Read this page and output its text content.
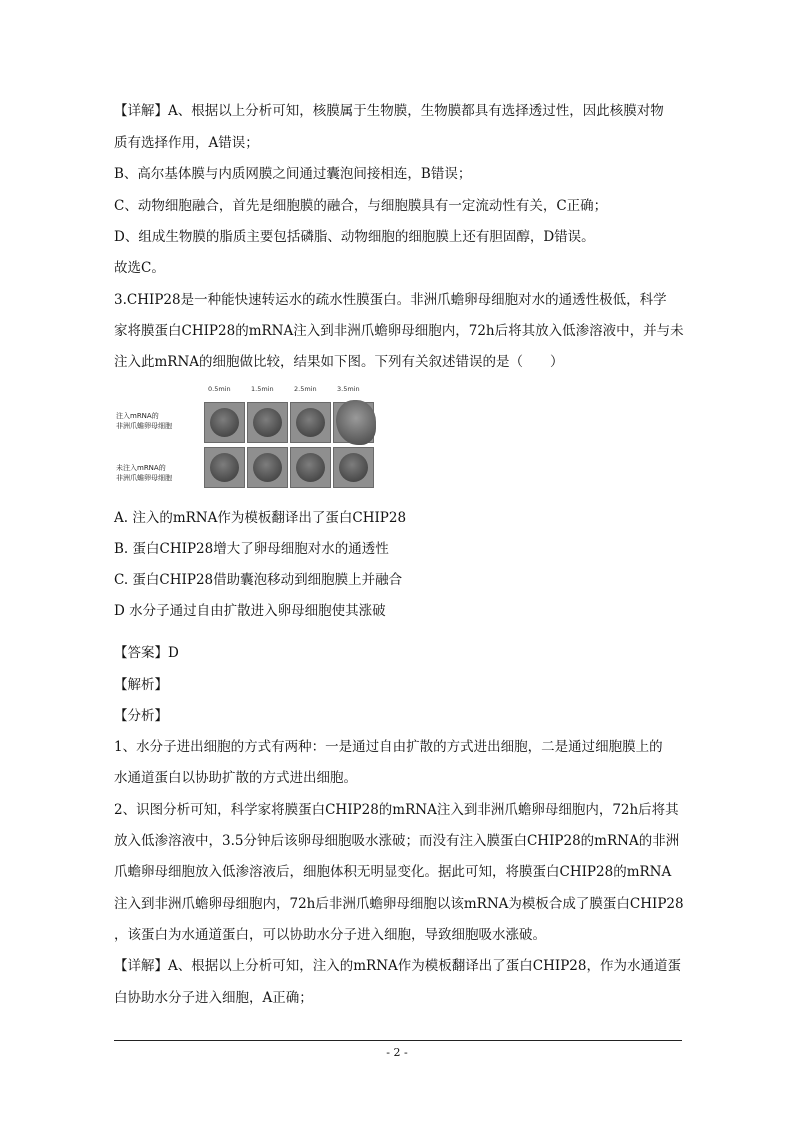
【详解】A、根据以上分析可知，核膜属于生物膜，生物膜都具有选择透过性，因此核膜对物
质有选择作用，A错误；
B、高尔基体膜与内质网膜之间通过囊泡间接相连，B错误；
C、动物细胞融合，首先是细胞膜的融合，与细胞膜具有一定流动性有关，C正确；
D、组成生物膜的脂质主要包括磷脂、动物细胞的细胞膜上还有胆固醇，D错误。
故选C。
3.CHIP28是一种能快速转运水的疏水性膜蛋白。非洲爪蟾卵母细胞对水的通透性极低，科学
家将膜蛋白CHIP28的mRNA注入到非洲爪蟾卵母细胞内，72h后将其放入低渗溶液中，并与未
注入此mRNA的细胞做比较，结果如下图。下列有关叙述错误的是（　　）
0.5min	1.5min	2.5min	3.5min
注入mRNA的
非洲爪蟾卵母细胞
未注入mRNA的
非洲爪蟾卵母细胞
A. 注入的mRNA作为模板翻译出了蛋白CHIP28
B. 蛋白CHIP28增大了卵母细胞对水的通透性
C. 蛋白CHIP28借助囊泡移动到细胞膜上并融合
D 水分子通过自由扩散进入卵母细胞使其涨破
【答案】D
【解析】
【分析】
1、水分子进出细胞的方式有两种：一是通过自由扩散的方式进出细胞，二是通过细胞膜上的
水通道蛋白以协助扩散的方式进出细胞。
2、识图分析可知，科学家将膜蛋白CHIP28的mRNA注入到非洲爪蟾卵母细胞内，72h后将其
放入低渗溶液中，3.5分钟后该卵母细胞吸水涨破；而没有注入膜蛋白CHIP28的mRNA的非洲
爪蟾卵母细胞放入低渗溶液后，细胞体积无明显变化。据此可知，将膜蛋白CHIP28的mRNA
注入到非洲爪蟾卵母细胞内，72h后非洲爪蟾卵母细胞以该mRNA为模板合成了膜蛋白CHIP28
，该蛋白为水通道蛋白，可以协助水分子进入细胞，导致细胞吸水涨破。
【详解】A、根据以上分析可知，注入的mRNA作为模板翻译出了蛋白CHIP28，作为水通道蛋
白协助水分子进入细胞，A正确；
- 2 -
